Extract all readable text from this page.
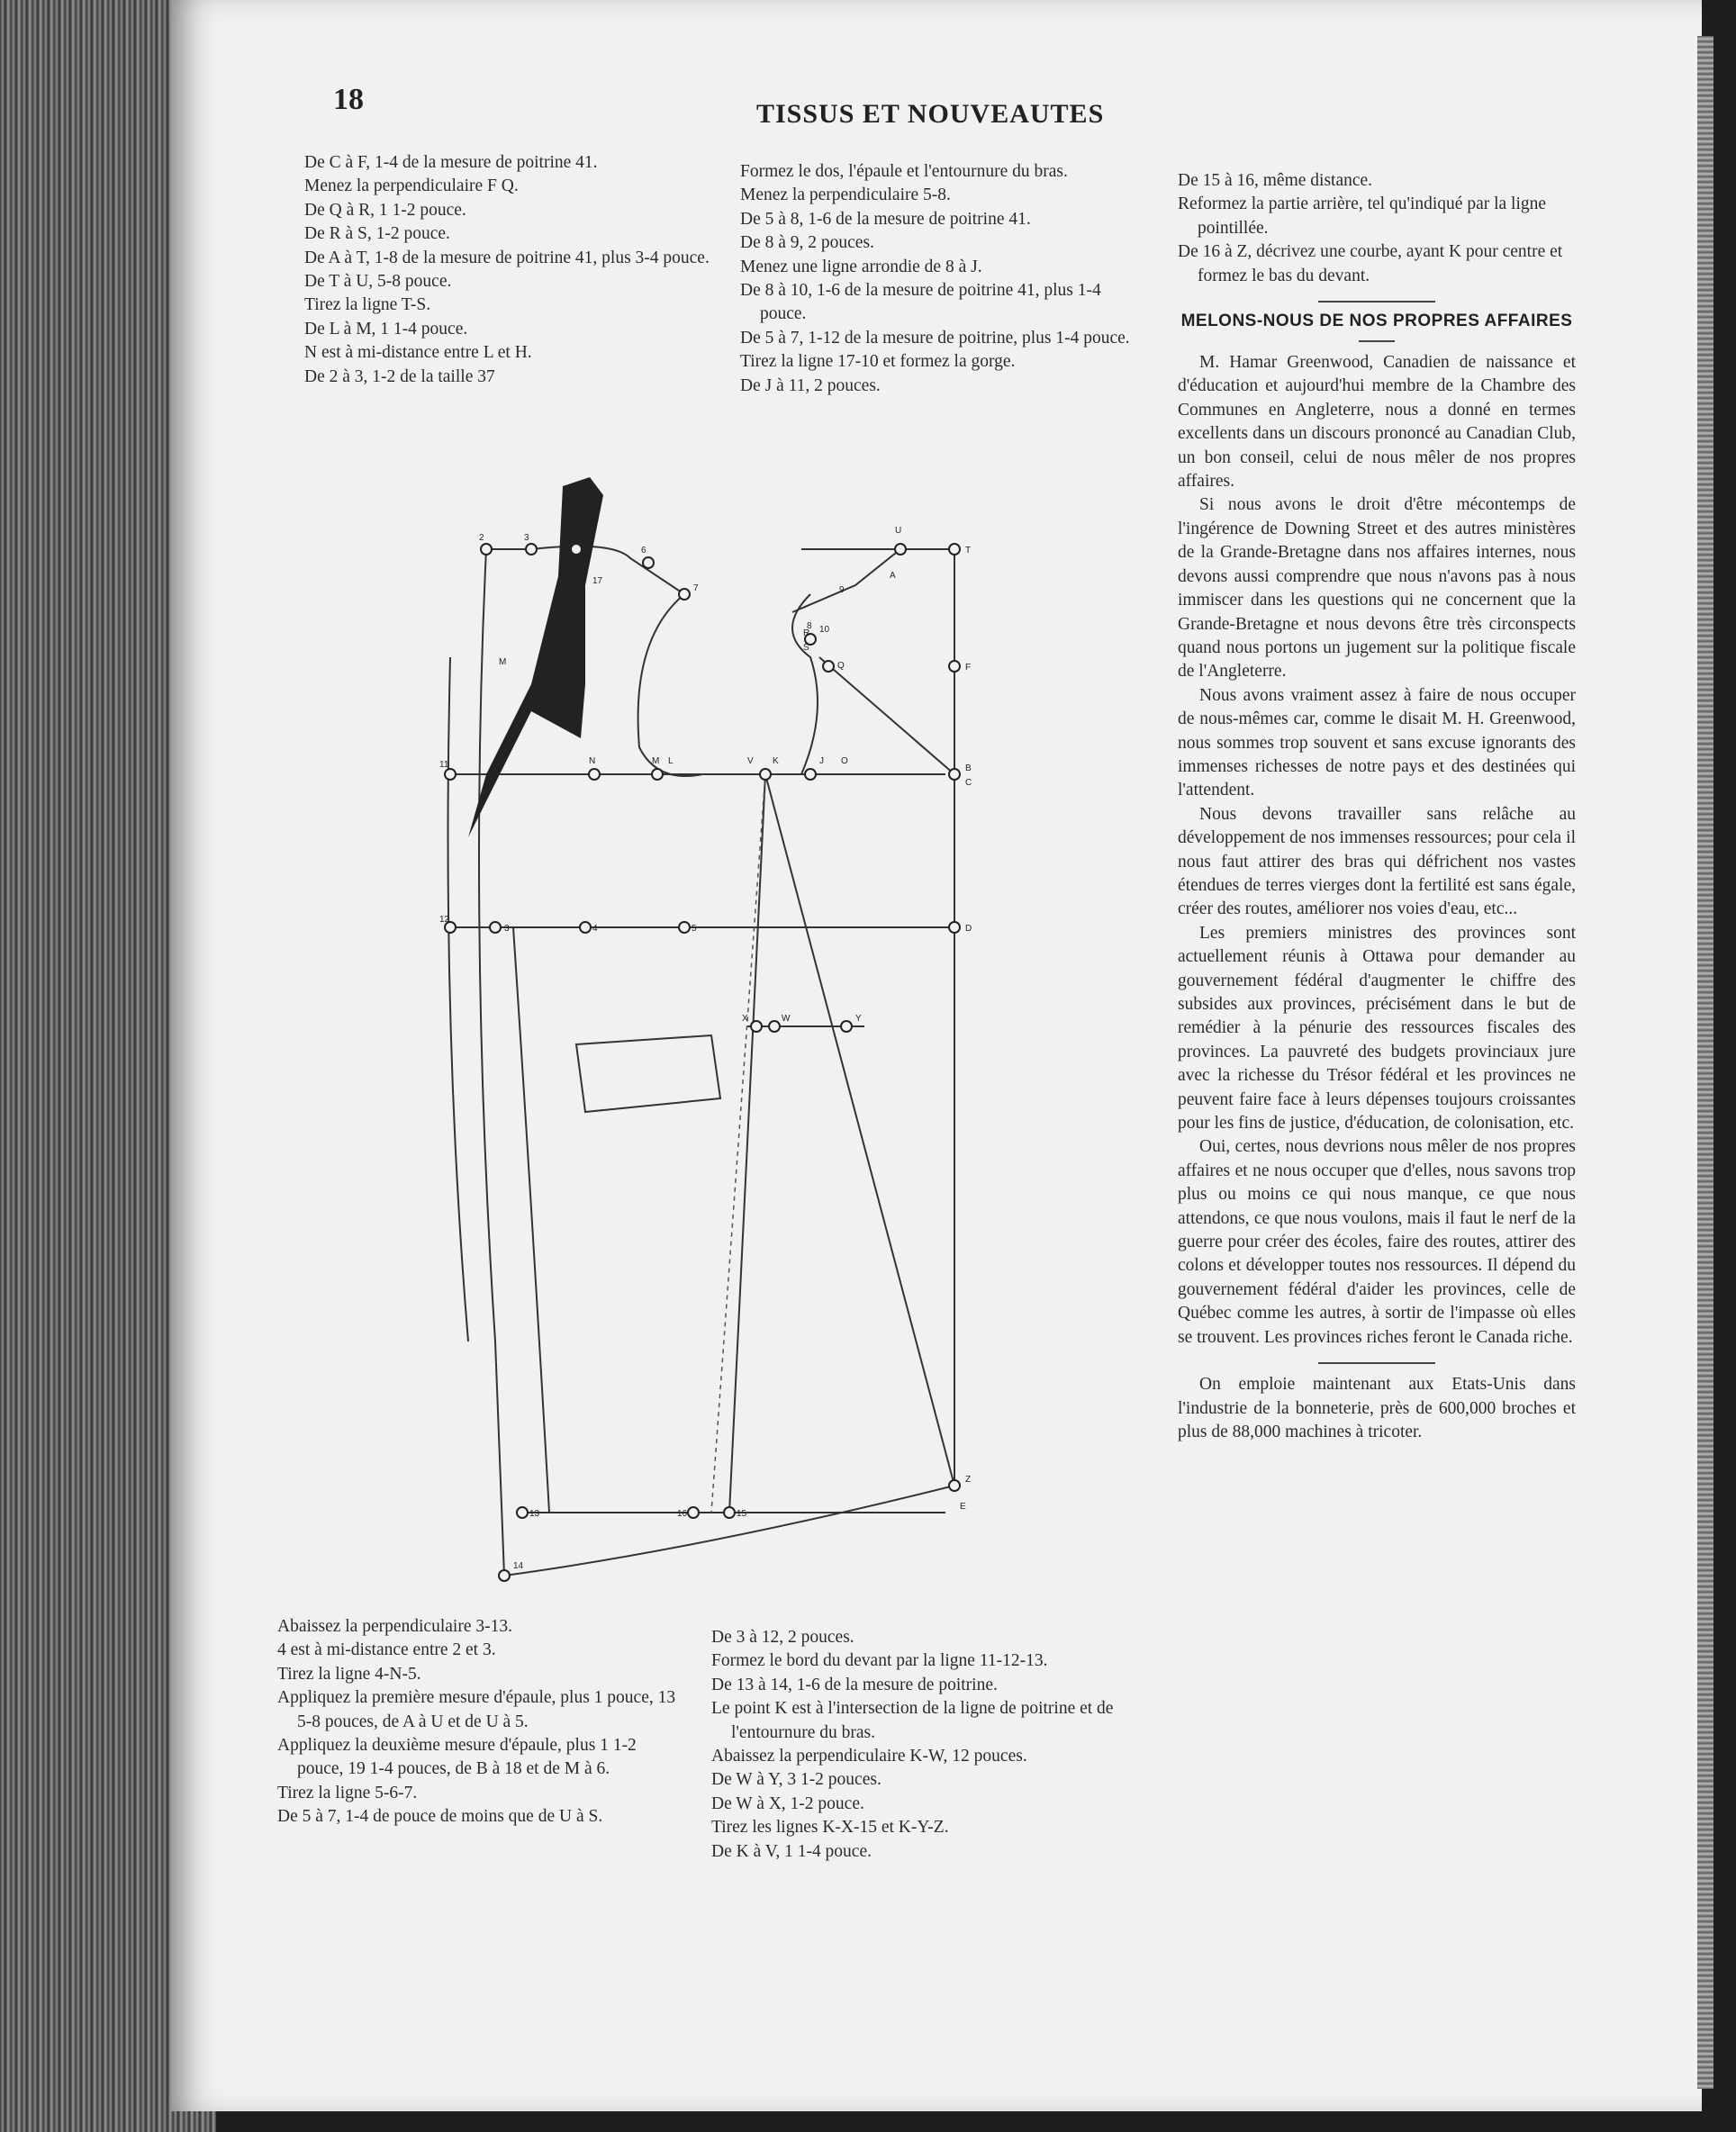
18	TISSUS ET NOUVEAUTES

De C à F, 1-4 de la mesure de poitrine 41.

Menez la perpendiculaire F Q.

De Q à R, 1 1-2 pouce.

De R à S, 1-2 pouce.

De A à T, 1-8 de la mesure de poitrine 41, plus 3-4 pouce.

De T à U, 5-8 pouce.

Tirez la ligne T-S.

De L à M, 1 1-4 pouce.

N est à mi-distance entre L et H.

De 2 à 3, 1-2 de la taille 37

Formez le dos, l'épaule et l'entournure du bras.

Menez la perpendiculaire 5-8.

De 5 à 8, 1-6 de la mesure de poitrine 41.

De 8 à 9, 2 pouces.

Menez une ligne arrondie de 8 à J.

De 8 à 10, 1-6 de la mesure de poitrine 41, plus 1-4 pouce.

De 5 à 7, 1-12 de la mesure de poitrine, plus 1-4 pouce.

Tirez la ligne 17-10 et formez la gorge.

De J à 11, 2 pouces.

De 15 à 16, même distance.

Reformez la partie arrière, tel qu'indiqué par la ligne pointillée.

De 16 à Z, décrivez une courbe, ayant K pour centre et formez le bas du devant.

MELONS-NOUS DE NOS PROPRES AFFAIRES

M. Hamar Greenwood, Canadien de naissance et d'éducation et aujourd'hui membre de la Chambre des Communes en Angleterre, nous a donné en termes excellents dans un discours prononcé au Canadian Club, un bon conseil, celui de nous mêler de nos propres affaires.

Si nous avons le droit d'être mécontemps de l'ingérence de Downing Street et des autres ministères de la Grande-Bretagne dans nos affaires internes, nous devons aussi comprendre que nous n'avons pas à nous immiscer dans les questions qui ne concernent que la Grande-Bretagne et nous devons être très circonspects quand nous portons un jugement sur la politique fiscale de l'Angleterre.

Nous avons vraiment assez à faire de nous occuper de nous-mêmes car, comme le disait M. H. Greenwood, nous sommes trop souvent et sans excuse ignorants des immenses richesses de notre pays et des destinées qui l'attendent.

Nous devons travailler sans relâche au développement de nos immenses ressources; pour cela il nous faut attirer des bras qui défrichent nos vastes étendues de terres vierges dont la fertilité est sans égale, créer des routes, améliorer nos voies d'eau, etc...

Les premiers ministres des provinces sont actuellement réunis à Ottawa pour demander au gouvernement fédéral d'augmenter le chiffre des subsides aux provinces, précisément dans le but de remédier à la pénurie des ressources fiscales des provinces. La pauvreté des budgets provinciaux jure avec la richesse du Trésor fédéral et les provinces ne peuvent faire face à leurs dépenses toujours croissantes pour les fins de justice, d'éducation, de colonisation, etc.

Oui, certes, nous devrions nous mêler de nos propres affaires et ne nous occuper que d'elles, nous savons trop plus ou moins ce qui nous manque, ce que nous attendons, ce que nous voulons, mais il faut le nerf de la guerre pour créer des écoles, faire des routes, attirer des colons et développer toutes nos ressources. Il dépend du gouvernement fédéral d'aider les provinces, celle de Québec comme les autres, à sortir de l'impasse où elles se trouvent. Les provinces riches feront le Canada riche.

On emploie maintenant aux Etats-Unis dans l'industrie de la bonneterie, près de 600,000 broches et plus de 88,000 machines à tricoter.

2	3	1
6
7
U
T
A
10
9
17
8
11	N	M L	V K	J O
B
C
M
R
S
Q	F
12
3	4	5	D
X	W	Y
13	16	15
Z
E
14

Abaissez la perpendiculaire 3-13.

4 est à mi-distance entre 2 et 3.

Tirez la ligne 4-N-5.

Appliquez la première mesure d'épaule, plus 1 pouce, 13 5-8 pouces, de A à U et de U à 5.

Appliquez la deuxième mesure d'épaule, plus 1 1-2 pouce, 19 1-4 pouces, de B à 18 et de M à 6.

Tirez la ligne 5-6-7.

De 5 à 7, 1-4 de pouce de moins que de U à S.

De 3 à 12, 2 pouces.

Formez le bord du devant par la ligne 11-12-13.

De 13 à 14, 1-6 de la mesure de poitrine.

Le point K est à l'intersection de la ligne de poitrine et de l'entournure du bras.

Abaissez la perpendiculaire K-W, 12 pouces.

De W à Y, 3 1-2 pouces.

De W à X, 1-2 pouce.

Tirez les lignes K-X-15 et K-Y-Z.

De K à V, 1 1-4 pouce.
